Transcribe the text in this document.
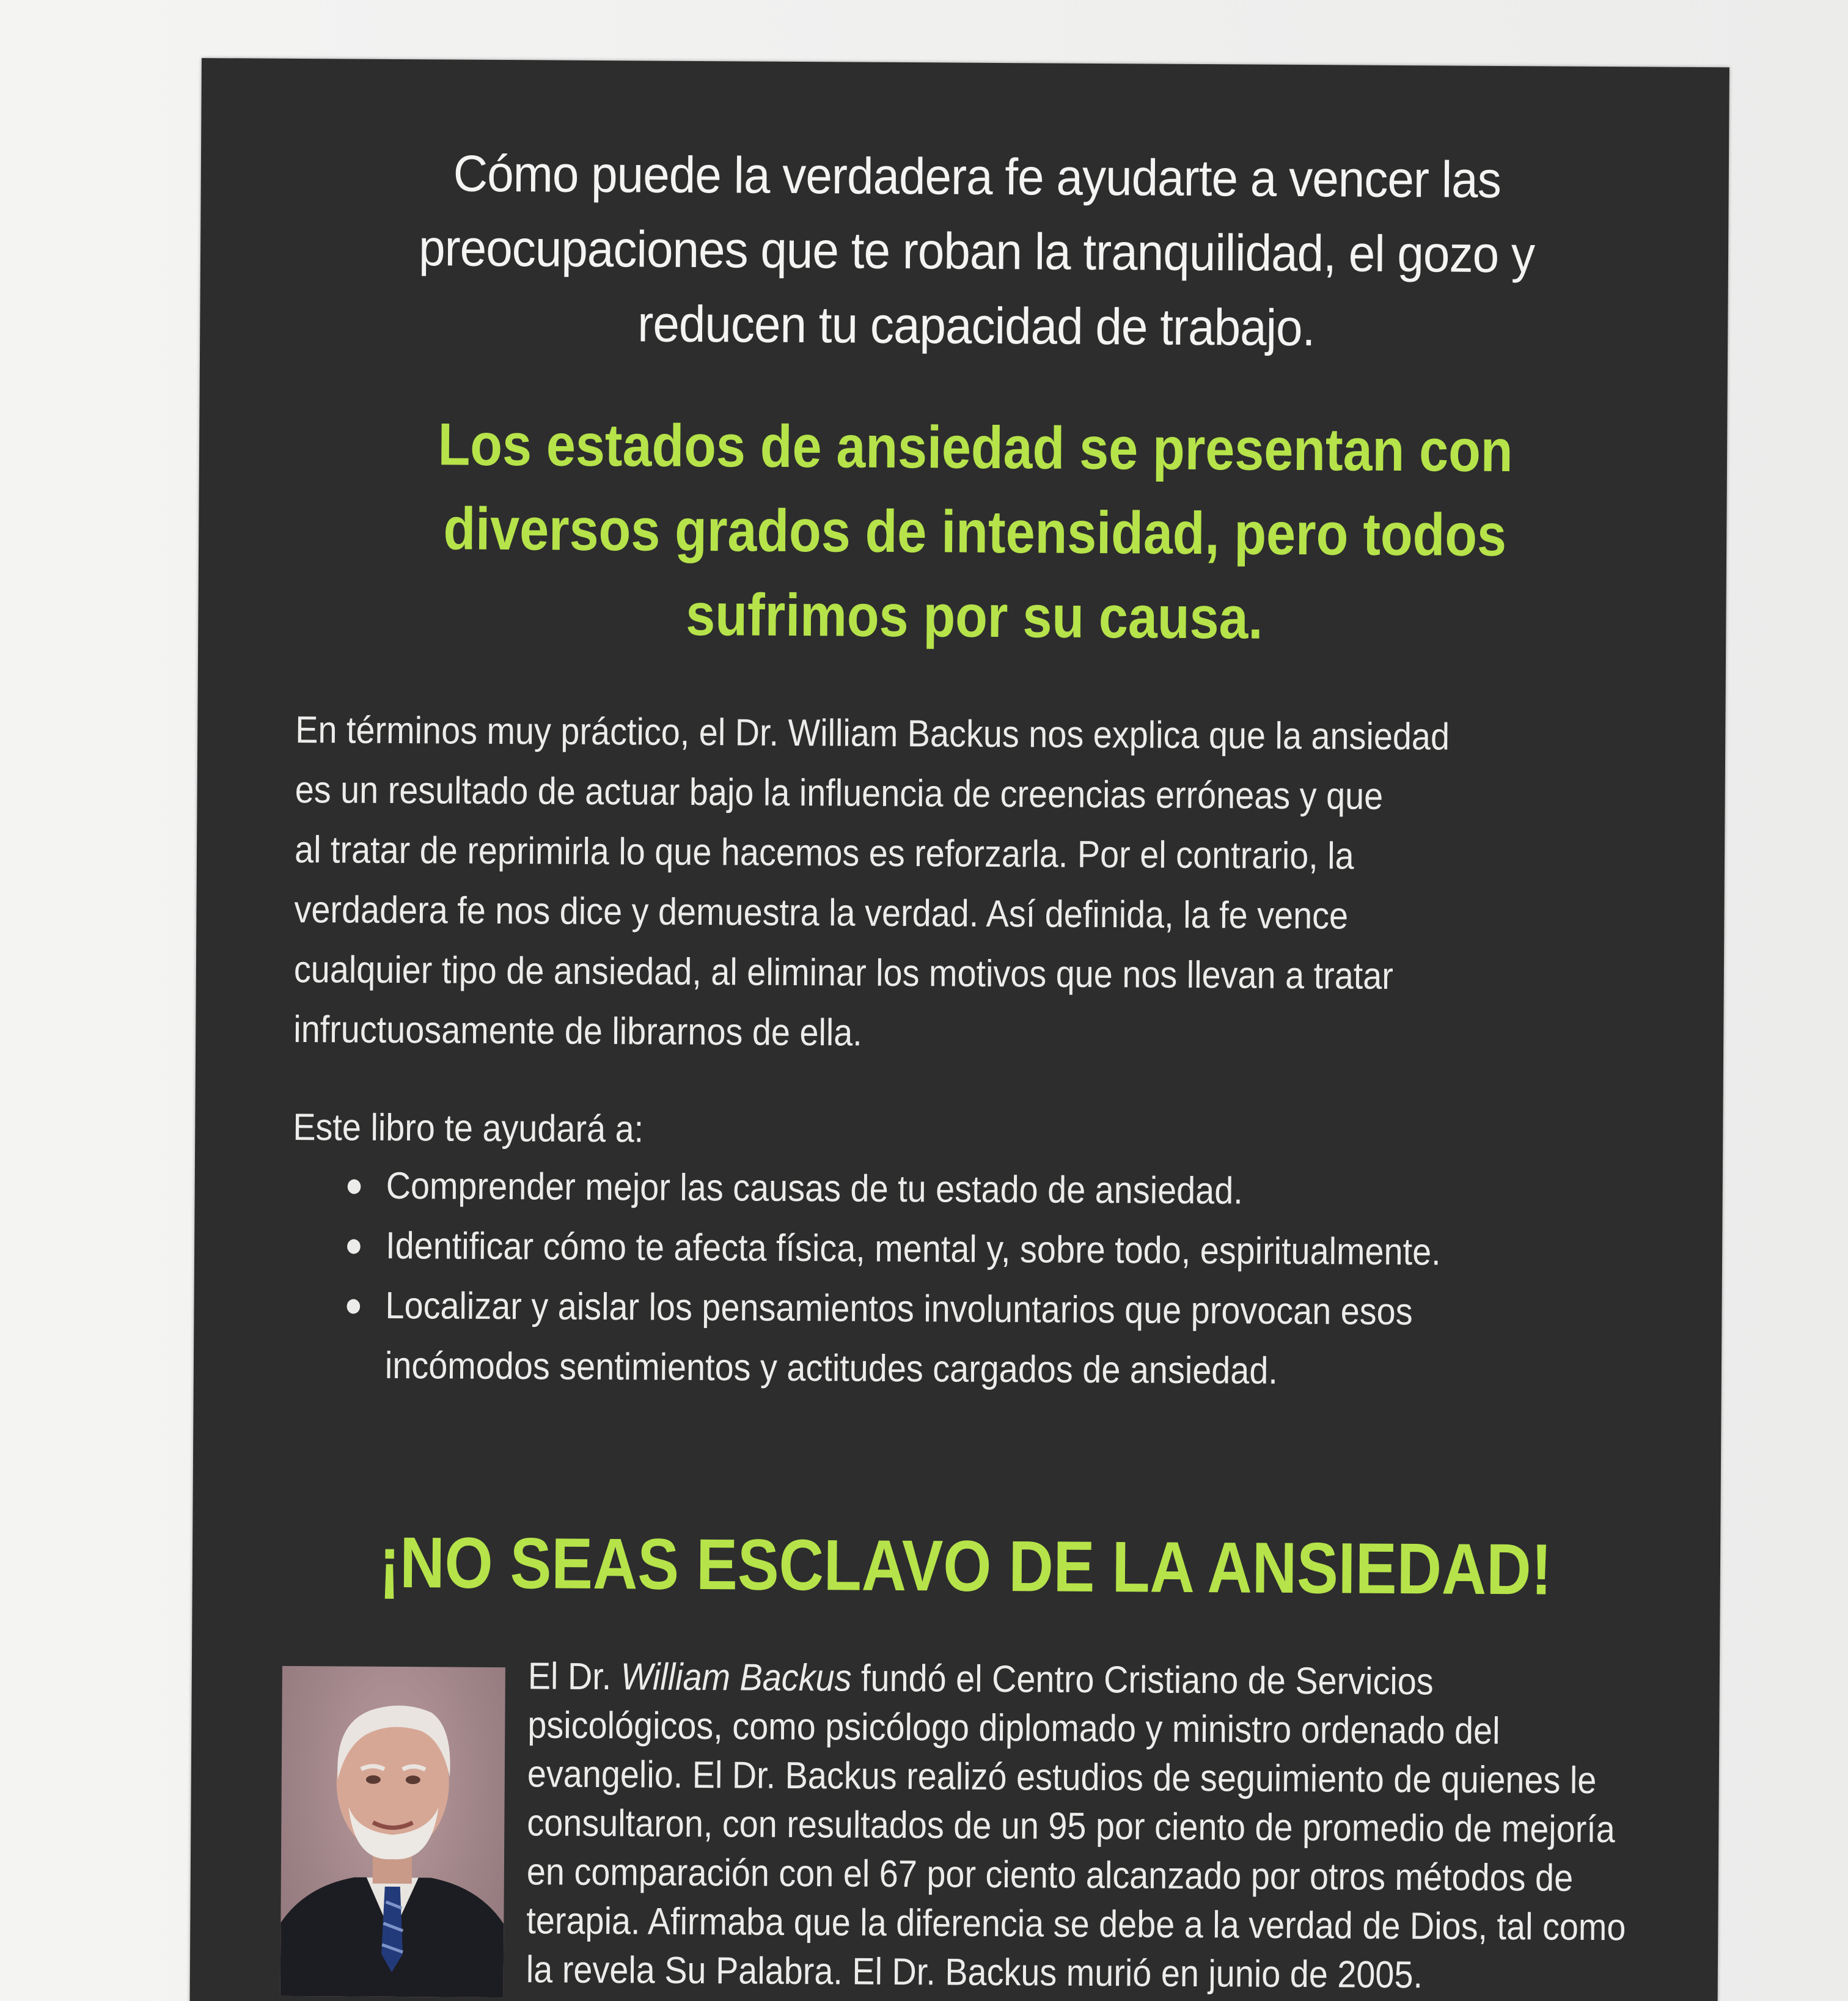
Cómo puede la verdadera fe ayudarte a vencer las
preocupaciones que te roban la tranquilidad, el gozo y
reducen tu capacidad de trabajo.
Los estados de ansiedad se presentan con
diversos grados de intensidad, pero todos
sufrimos por su causa.

En términos muy práctico, el Dr. William Backus nos explica que la ansiedad

es un resultado de actuar bajo la influencia de creencias erróneas y que

al tratar de reprimirla lo que hacemos es reforzarla. Por el contrario, la

verdadera fe nos dice y demuestra la verdad. Así definida, la fe vence

cualquier tipo de ansiedad, al eliminar los motivos que nos llevan a tratar

infructuosamente de librarnos de ella.

Este libro te ayudará a:
Comprender mejor las causas de tu estado de ansiedad.
Identificar cómo te afecta física, mental y, sobre todo, espiritualmente.
Localizar y aislar los pensamientos involuntarios que provocan esos
incómodos sentimientos y actitudes cargados de ansiedad.
¡NO SEAS ESCLAVO DE LA ANSIEDAD!
El Dr. William Backus fundó el Centro Cristiano de Servicios
psicológicos, como psicólogo diplomado y ministro ordenado del
evangelio. El Dr. Backus realizó estudios de seguimiento de quienes le
consultaron, con resultados de un 95 por ciento de promedio de mejoría
en comparación con el 67 por ciento alcanzado por otros métodos de
terapia. Afirmaba que la diferencia se debe a la verdad de Dios, tal como
la revela Su Palabra. El Dr. Backus murió en junio de 2005.
